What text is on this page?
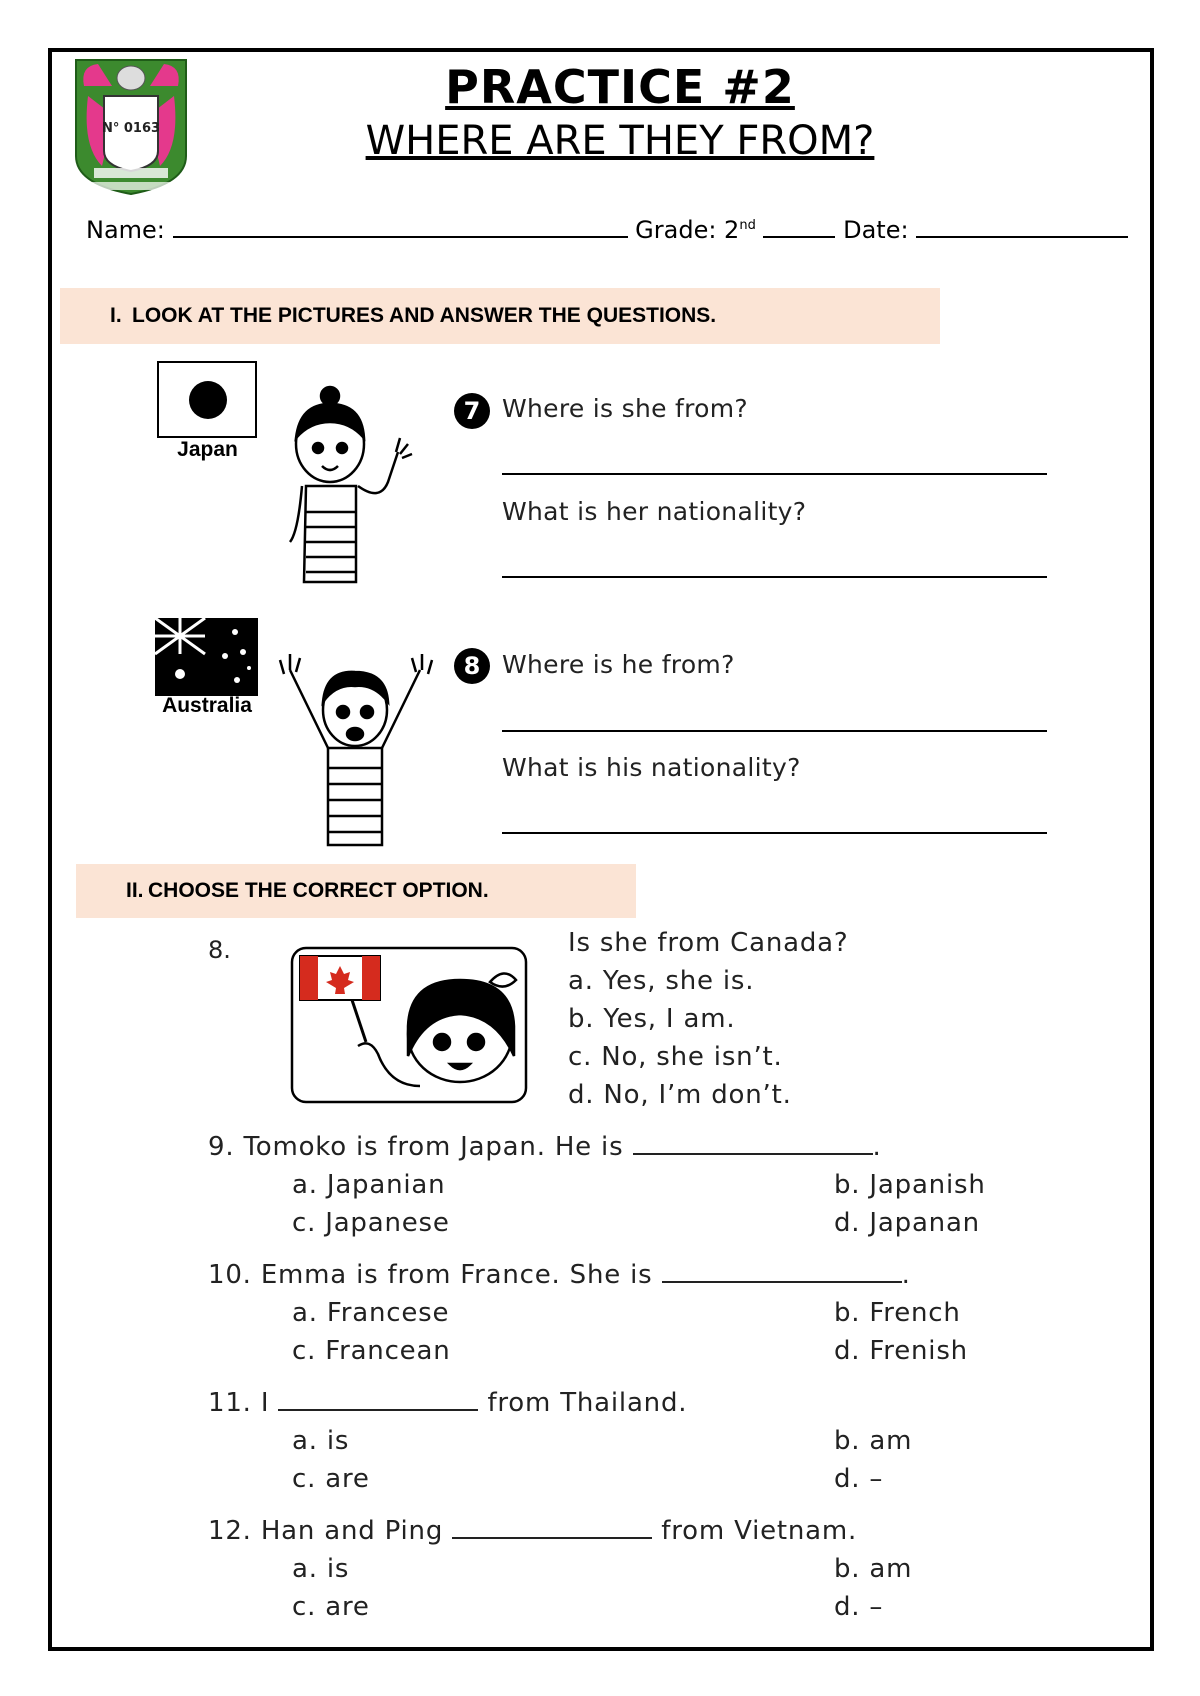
N° 0163
PRACTICE #2
WHERE ARE THEY FROM?
Name:	Grade: 2nd	Date:
I. LOOK AT THE PICTURES AND ANSWER THE QUESTIONS.
Japan
7 Where is she from?
What is her nationality?
Australia
8 Where is he from?
What is his nationality?
II. CHOOSE THE CORRECT OPTION.
8.	Is she from Canada?
a. Yes, she is.
b. Yes, I am.
c. No, she isn’t.
d. No, I’m don’t.
9. Tomoko is from Japan. He is	.
a. Japanian	b. Japanish
c. Japanese	d. Japanan
10. Emma is from France. She is	.
a. Francese	b. French
c. Francean	d. Frenish
11. I	from Thailand.
a. is	b. am
c. are	d. –
12. Han and Ping	from Vietnam.
a. is	b. am
c. are	d. –
